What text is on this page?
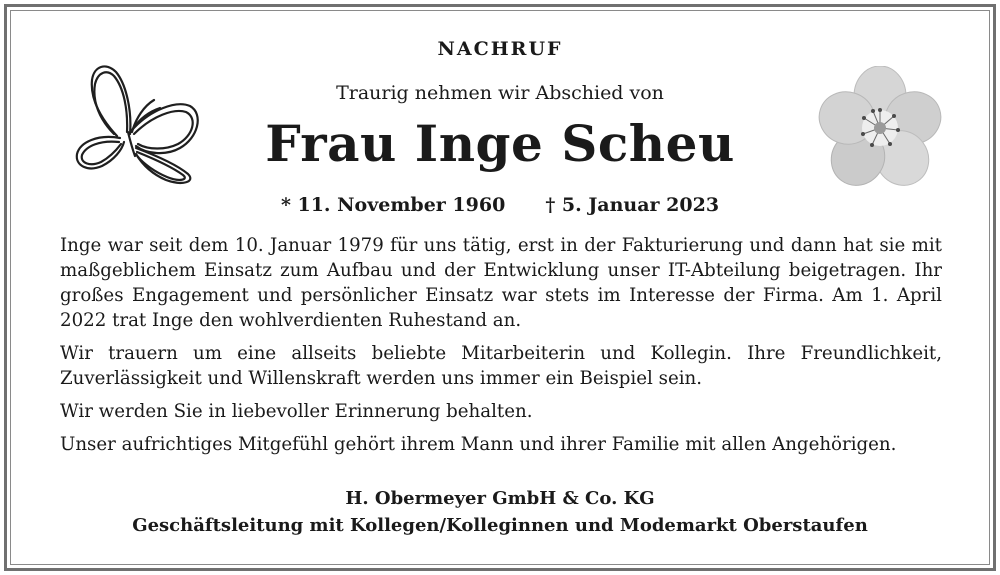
NACHRUF
Traurig nehmen wir Abschied von
Frau Inge Scheu
* 11. November 1960 † 5. Januar 2023

Inge war seit dem 10. Januar 1979 für uns tätig, erst in der Fakturierung und dann hat sie mit maßgeblichem Einsatz zum Aufbau und der Entwicklung unser IT-Abteilung beigetragen. Ihr großes Engagement und persönlicher Einsatz war stets im Interesse der Firma. Am 1. April 2022 trat Inge den wohlverdienten Ruhestand an.

Wir trauern um eine allseits beliebte Mitarbeiterin und Kollegin. Ihre Freundlichkeit, Zuverlässigkeit und Willenskraft werden uns immer ein Beispiel sein.

Wir werden Sie in liebevoller Erinnerung behalten.

Unser aufrichtiges Mitgefühl gehört ihrem Mann und ihrer Familie mit allen Angehörigen.

H. Obermeyer GmbH & Co. KG
Geschäftsleitung mit Kollegen/Kolleginnen und Modemarkt Oberstaufen
